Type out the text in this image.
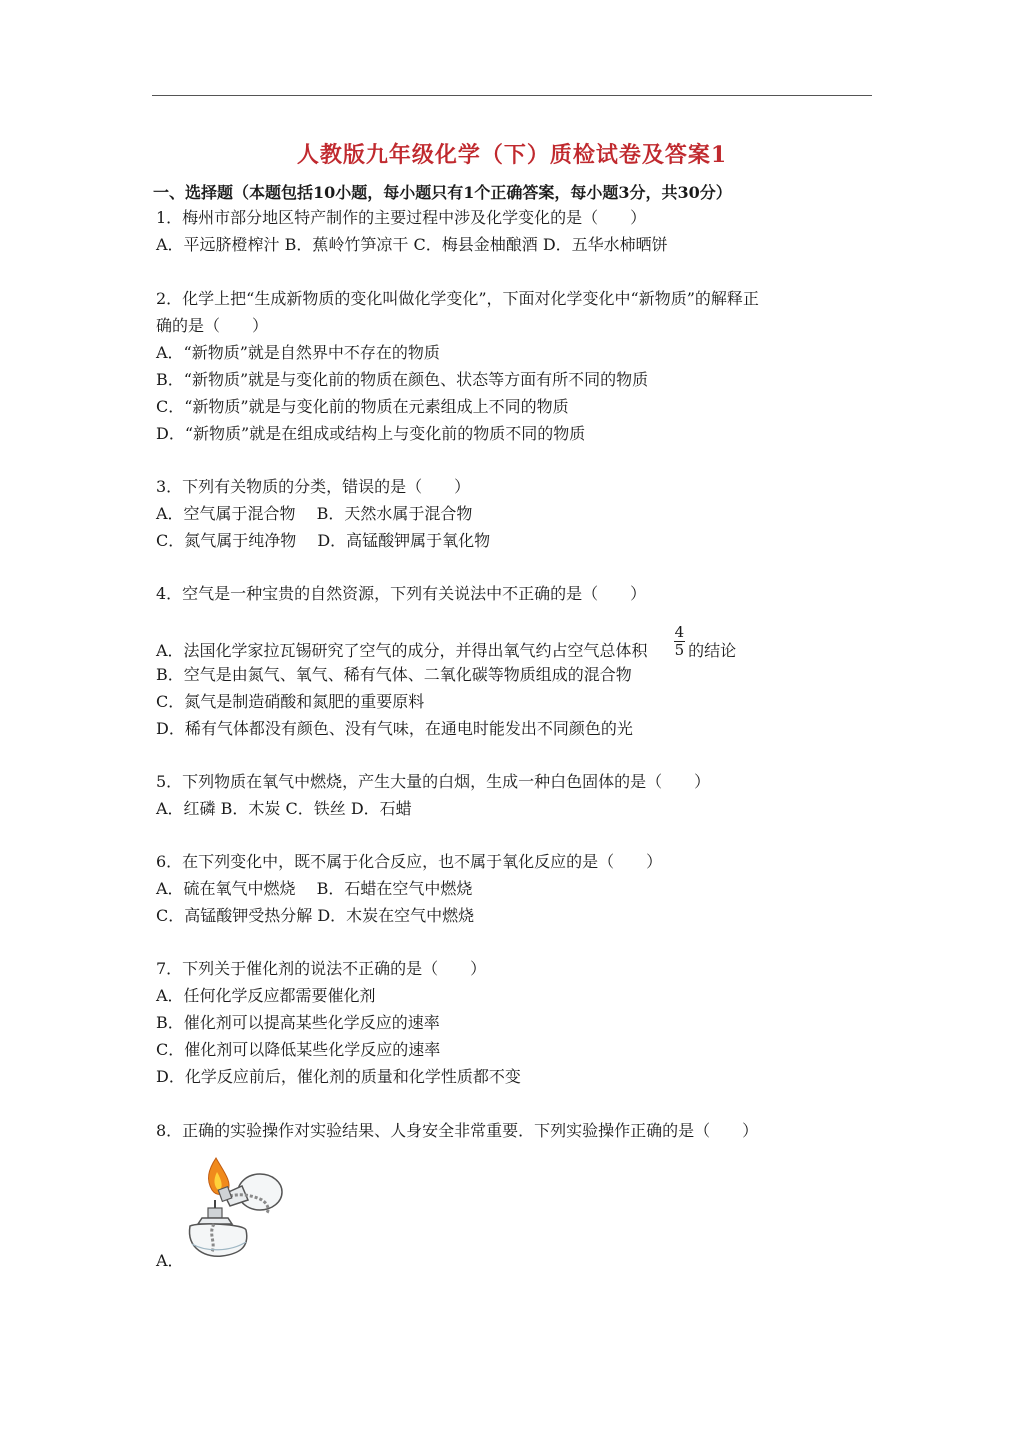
人教版九年级化学（下）质检试卷及答案1
一、选择题（本题包括10小题，每小题只有1个正确答案，每小题3分，共30分）
1．梅州市部分地区特产制作的主要过程中涉及化学变化的是（　　）
A．平远脐橙榨汁 B．蕉岭竹笋凉干 C．梅县金柚酿酒 D．五华水柿晒饼
2．化学上把“生成新物质的变化叫做化学变化”，下面对化学变化中“新物质”的解释正
确的是（　　）
A．“新物质”就是自然界中不存在的物质
B．“新物质”就是与变化前的物质在颜色、状态等方面有所不同的物质
C．“新物质”就是与变化前的物质在元素组成上不同的物质
D．“新物质”就是在组成或结构上与变化前的物质不同的物质
3．下列有关物质的分类，错误的是（　　）
A．空气属于混合物　 B．天然水属于混合物
C．氮气属于纯净物　 D．高锰酸钾属于氧化物
4．空气是一种宝贵的自然资源，下列有关说法中不正确的是（　　）
A．法国化学家拉瓦锡研究了空气的成分，并得出氧气约占空气总体积 $\frac{4}{5}$ 的结论
B．空气是由氮气、氧气、稀有气体、二氧化碳等物质组成的混合物
C．氮气是制造硝酸和氮肥的重要原料
D．稀有气体都没有颜色、没有气味，在通电时能发出不同颜色的光
5．下列物质在氧气中燃烧，产生大量的白烟，生成一种白色固体的是（　　）
A．红磷 B．木炭 C．铁丝 D．石蜡
6．在下列变化中，既不属于化合反应，也不属于氧化反应的是（　　）
A．硫在氧气中燃烧　 B．石蜡在空气中燃烧
C．高锰酸钾受热分解 D．木炭在空气中燃烧
7．下列关于催化剂的说法不正确的是（　　）
A．任何化学反应都需要催化剂
B．催化剂可以提高某些化学反应的速率
C．催化剂可以降低某些化学反应的速率
D．化学反应前后，催化剂的质量和化学性质都不变
8．正确的实验操作对实验结果、人身安全非常重要．下列实验操作正确的是（　　）
A．
